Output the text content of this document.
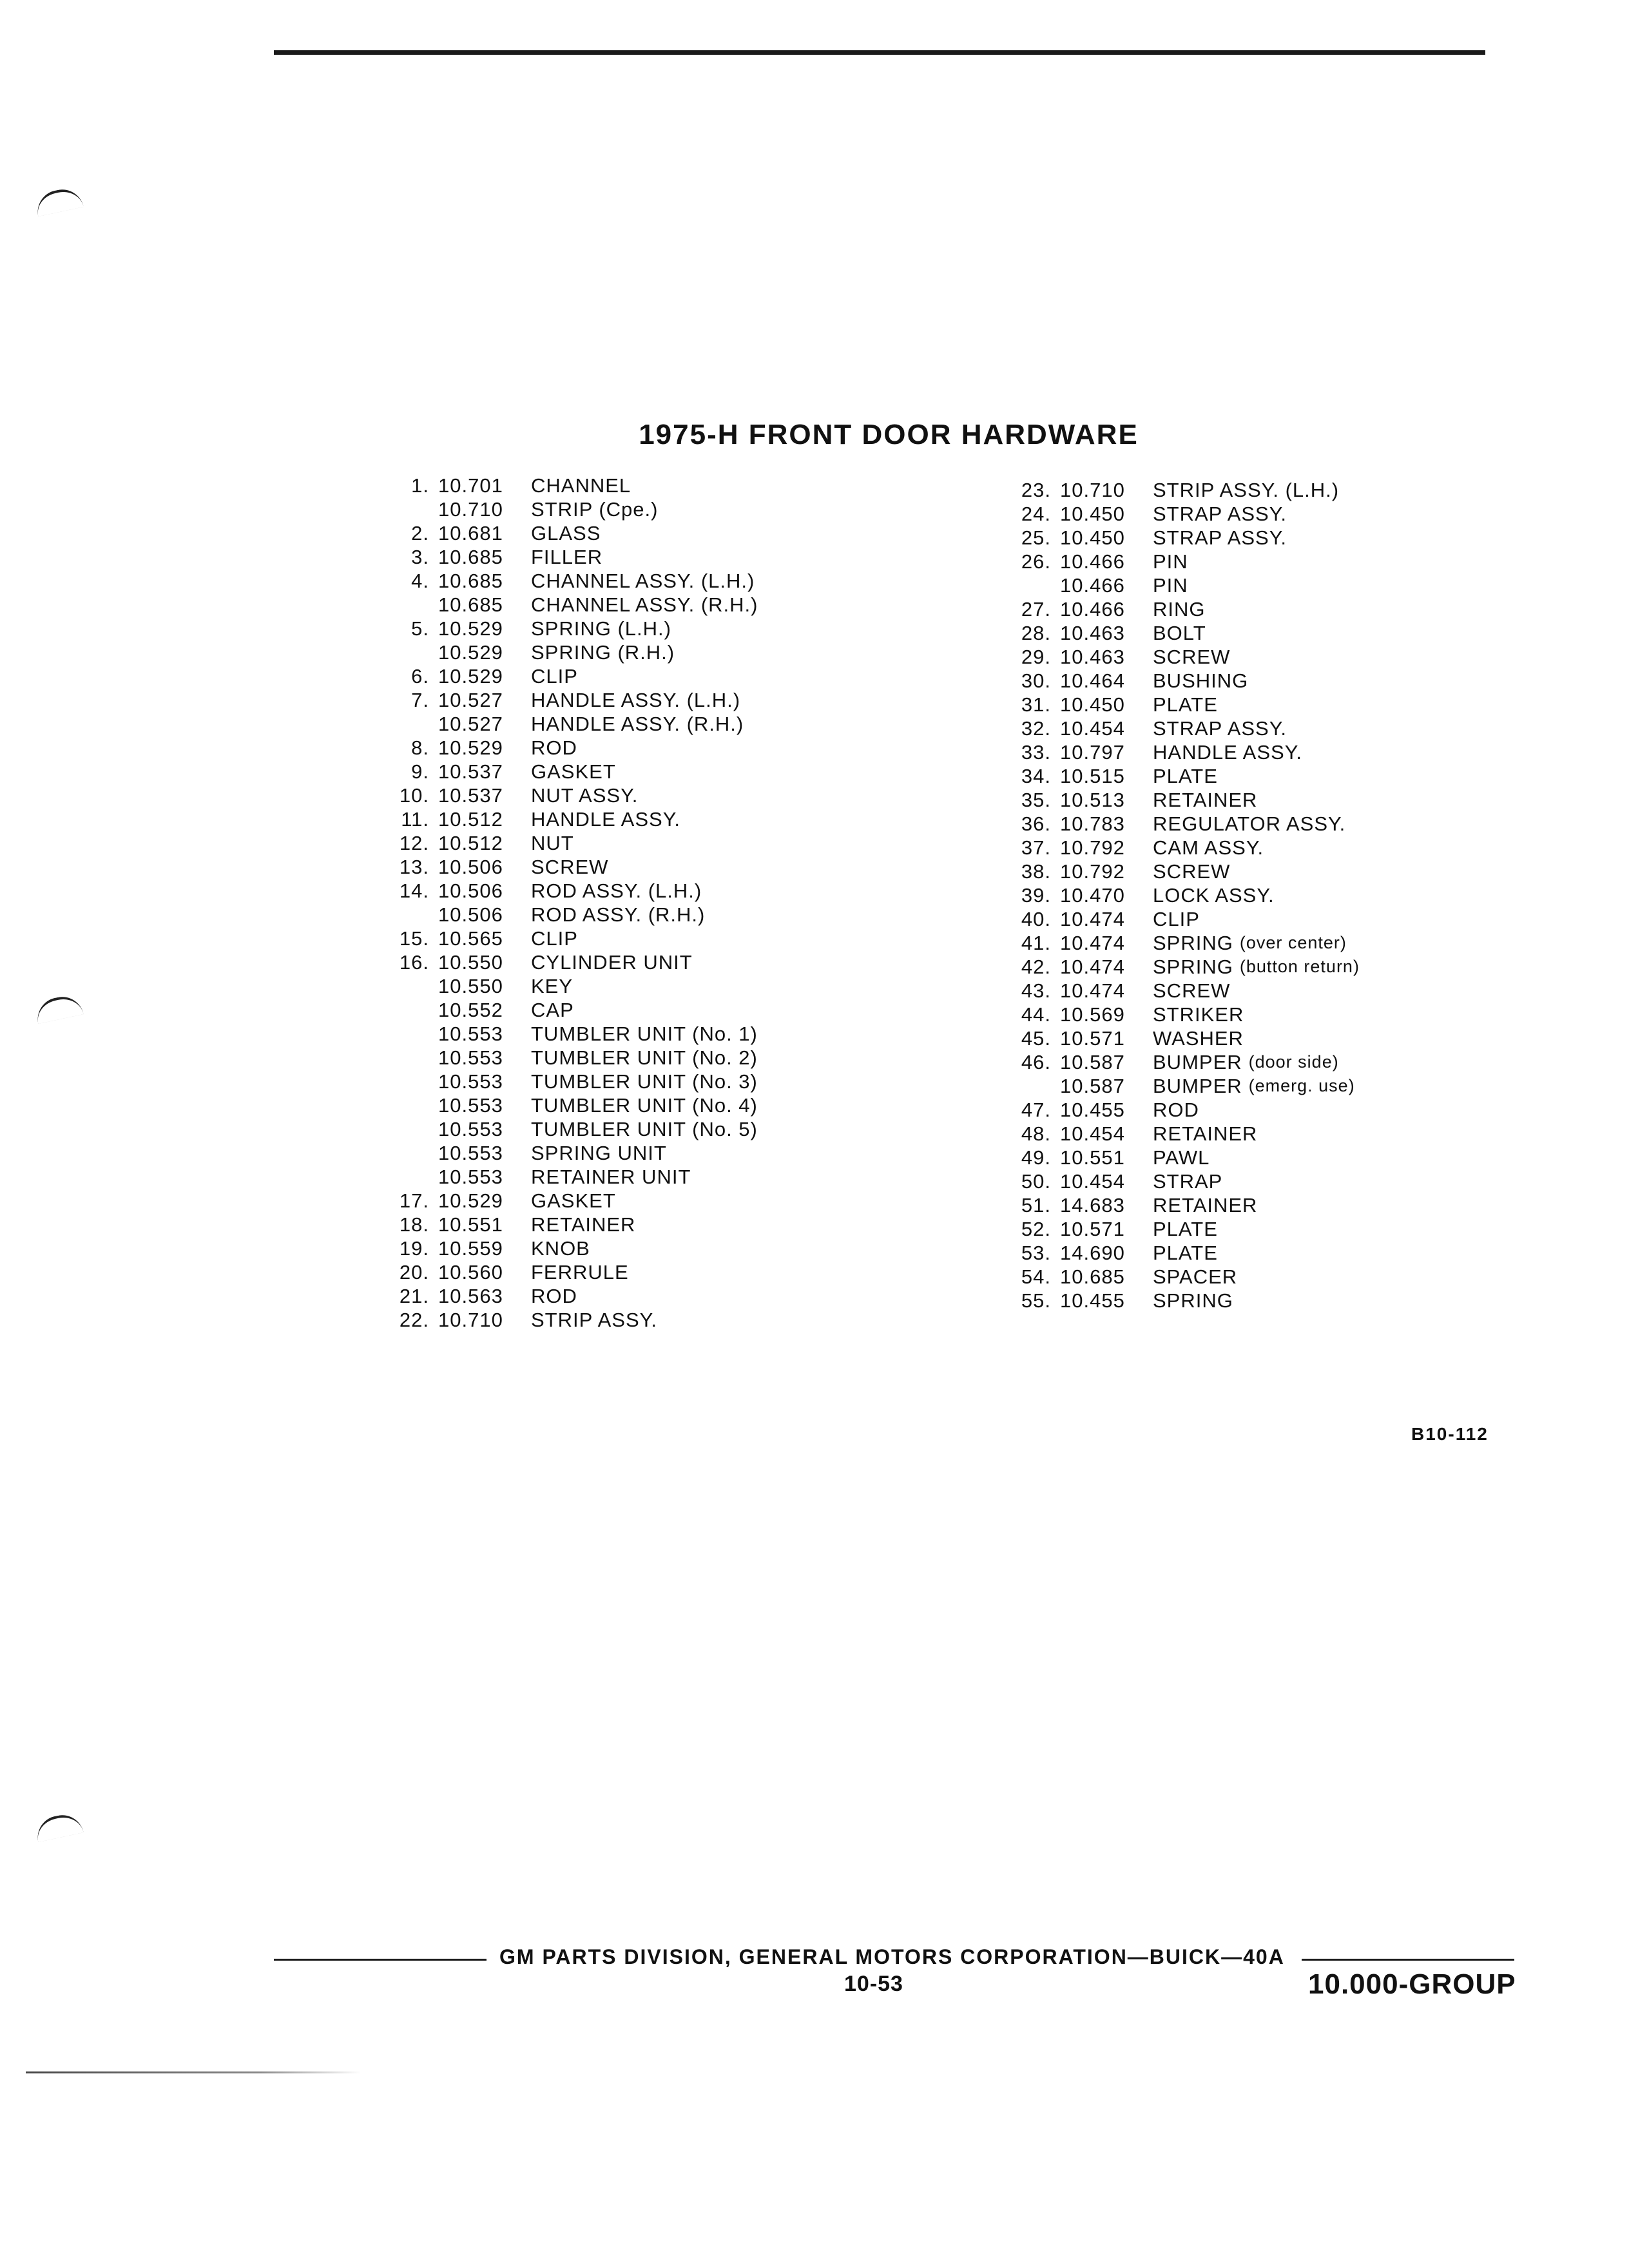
1975-H FRONT DOOR HARDWARE
1. 10.701	CHANNEL
10.710	STRIP (Cpe.)
2. 10.681	GLASS
3. 10.685	FILLER
4. 10.685	CHANNEL ASSY. (L.H.)
10.685	CHANNEL ASSY. (R.H.)
5. 10.529	SPRING (L.H.)
10.529	SPRING (R.H.)
6. 10.529	CLIP
7. 10.527	HANDLE ASSY. (L.H.)
10.527	HANDLE ASSY. (R.H.)
8. 10.529	ROD
9. 10.537	GASKET
10. 10.537	NUT ASSY.
11. 10.512	HANDLE ASSY.
12. 10.512	NUT
13. 10.506	SCREW
14. 10.506	ROD ASSY. (L.H.)
10.506	ROD ASSY. (R.H.)
15. 10.565	CLIP
16. 10.550	CYLINDER UNIT
10.550	KEY
10.552	CAP
10.553	TUMBLER UNIT (No. 1)
10.553	TUMBLER UNIT (No. 2)
10.553	TUMBLER UNIT (No. 3)
10.553	TUMBLER UNIT (No. 4)
10.553	TUMBLER UNIT (No. 5)
10.553	SPRING UNIT
10.553	RETAINER UNIT
17. 10.529	GASKET
18. 10.551	RETAINER
19. 10.559	KNOB
20. 10.560	FERRULE
21. 10.563	ROD
22. 10.710	STRIP ASSY.
23. 10.710	STRIP ASSY. (L.H.)
24. 10.450	STRAP ASSY.
25. 10.450	STRAP ASSY.
26. 10.466	PIN
10.466	PIN
27. 10.466	RING
28. 10.463	BOLT
29. 10.463	SCREW
30. 10.464	BUSHING
31. 10.450	PLATE
32. 10.454	STRAP ASSY.
33. 10.797	HANDLE ASSY.
34. 10.515	PLATE
35. 10.513	RETAINER
36. 10.783	REGULATOR ASSY.
37. 10.792	CAM ASSY.
38. 10.792	SCREW
39. 10.470	LOCK ASSY.
40. 10.474	CLIP
41. 10.474	SPRING (over center)
42. 10.474	SPRING (button return)
43. 10.474	SCREW
44. 10.569	STRIKER
45. 10.571	WASHER
46. 10.587	BUMPER (door side)
10.587	BUMPER (emerg. use)
47. 10.455	ROD
48. 10.454	RETAINER
49. 10.551	PAWL
50. 10.454	STRAP
51. 14.683	RETAINER
52. 10.571	PLATE
53. 14.690	PLATE
54. 10.685	SPACER
55. 10.455	SPRING
B10-112
GM PARTS DIVISION, GENERAL MOTORS CORPORATION—BUICK—40A
10-53	10.000-GROUP
